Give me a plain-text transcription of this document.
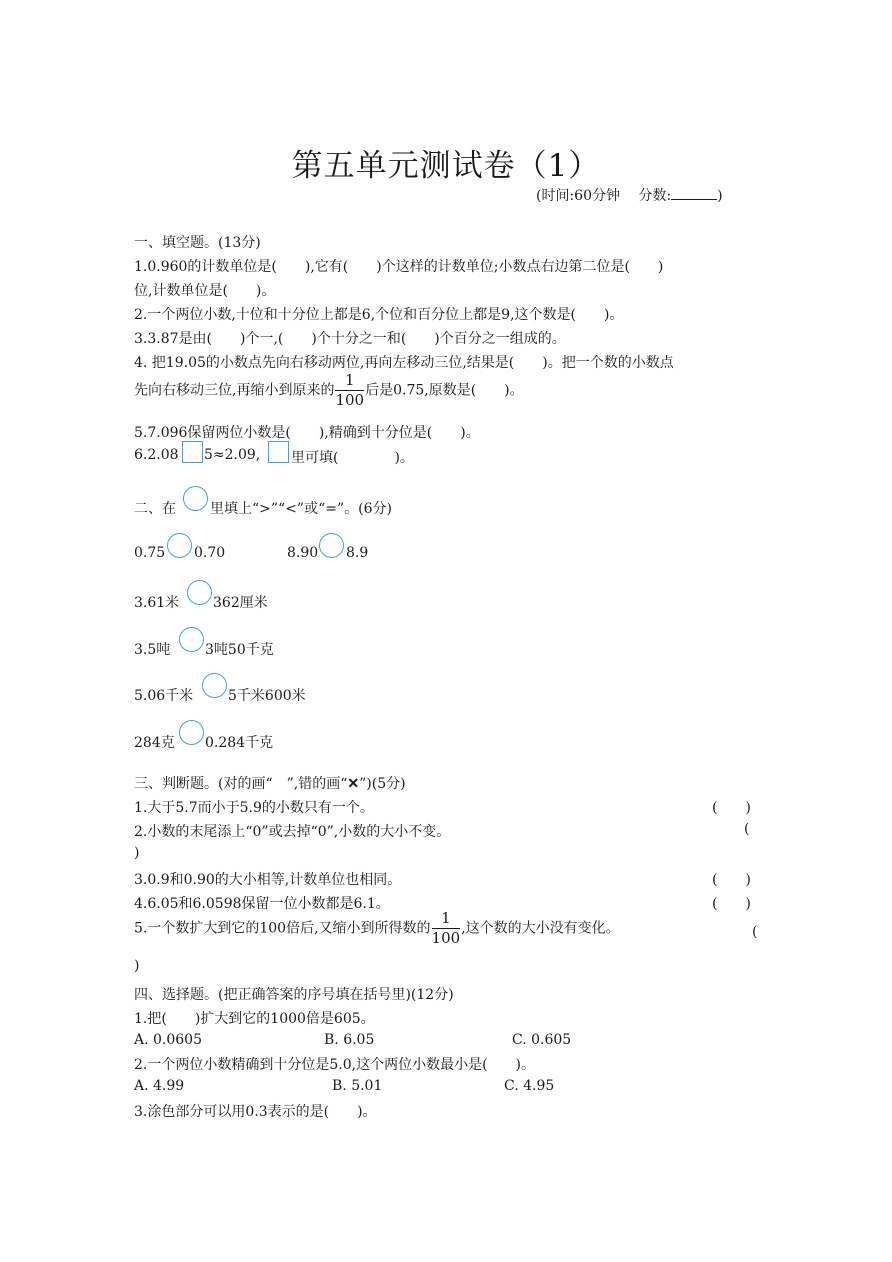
第五单元测试卷（1）
(时间:60分钟　 分数:	)
一、填空题。(13分)
1.0.960的计数单位是(　　),它有(　　)个这样的计数单位;小数点右边第二位是(　　)
位,计数单位是(　　)。
2.一个两位小数,十位和十分位上都是6,个位和百分位上都是9,这个数是(　　)。
3.3.87是由(　　)个一,(　　)个十分之一和(　　)个百分之一组成的。
4. 把19.05的小数点先向右移动两位,再向左移动三位,结果是(　　)。把一个数的小数点
先向右移动三位,再缩小到原来的 $\frac{1}{100}$ 后是0.75,原数是(　　)。
5.7.096保留两位小数是(　　),精确到十分位是(　　)。
6.2.08 5≈2.09, 里可填(　　　　)。
二、在 里填上“>”“<”或“=”。(6分)
0.75 0.70	8.90 8.9
3.61米 362厘米
3.5吨 3吨50千克
5.06千米 5千米600米
284克 0.284千克
三、判断题。(对的画“　”,错的画“✕”)(5分)
1.大于5.7而小于5.9的小数只有一个。	(　　)
2.小数的末尾添上“0”或去掉“0”,小数的大小不变。	(
)
3.0.9和0.90的大小相等,计数单位也相同。	(　　)
4.6.05和6.0598保留一位小数都是6.1。	(　　)
5.一个数扩大到它的100倍后,又缩小到所得数的 $\frac{1}{100}$ ,这个数的大小没有变化。	(
)
四、选择题。(把正确答案的序号填在括号里)(12分)
1.把(　　)扩大到它的1000倍是605。
A. 0.0605	B. 6.05	C. 0.605
2.一个两位小数精确到十分位是5.0,这个两位小数最小是(　　)。
A. 4.99	B. 5.01	C. 4.95
3.涂色部分可以用0.3表示的是(　　)。
